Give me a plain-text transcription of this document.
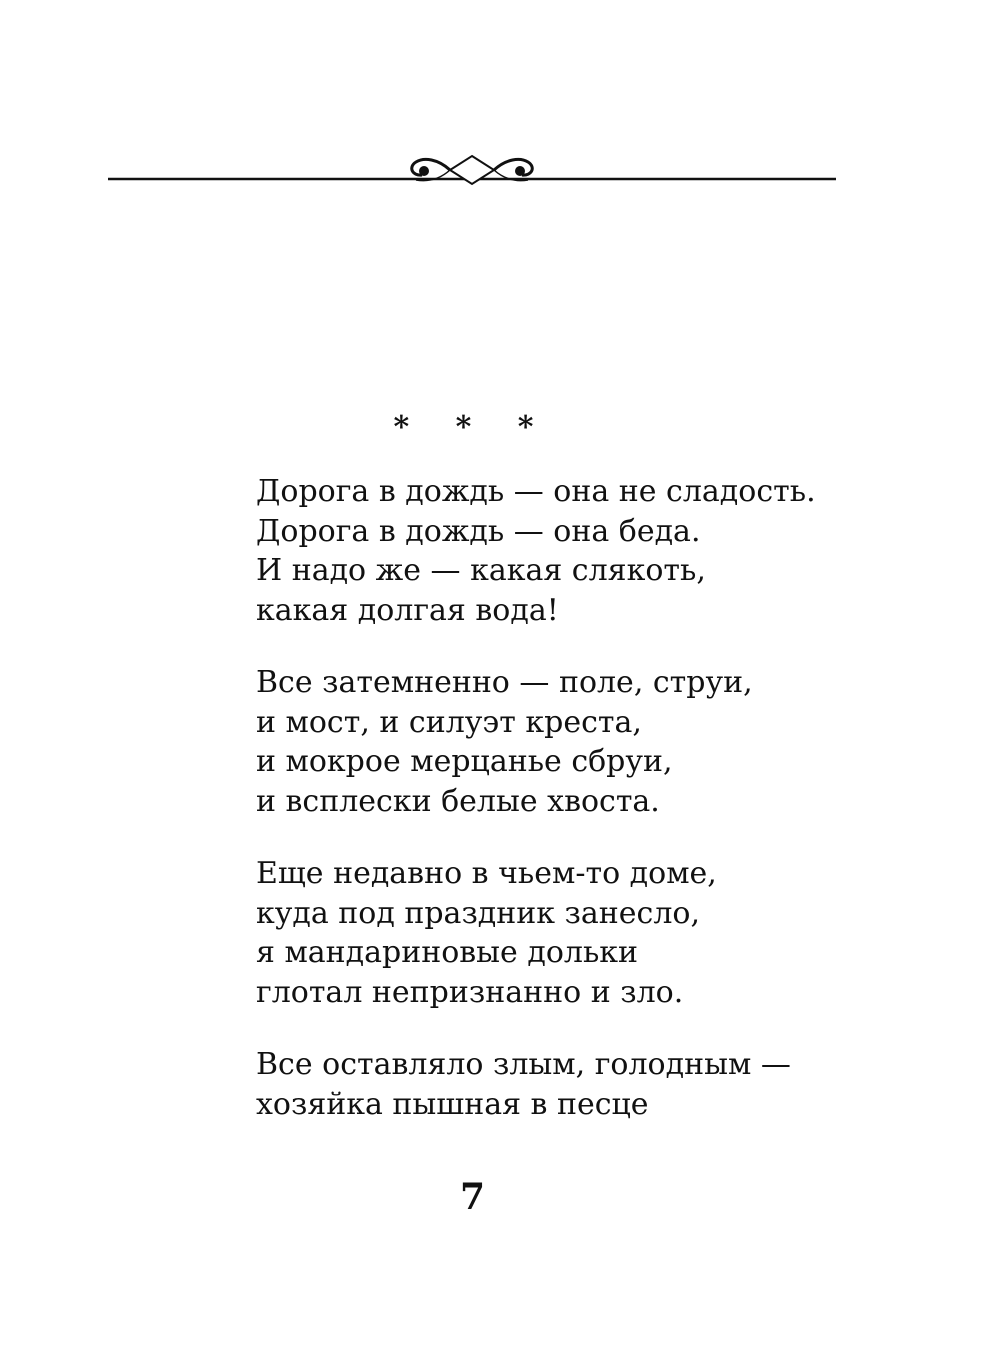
* * *
Дорога в дождь — она не сладость.
Дорога в дождь — она беда.
И надо же — какая слякоть,
какая долгая вода!
Все затемненно — поле, струи,
и мост, и силуэт креста,
и мокрое мерцанье сбруи,
и всплески белые хвоста.
Еще недавно в чьем-то доме,
куда под праздник занесло,
я мандариновые дольки
глотал непризнанно и зло.
Все оставляло злым, голодным —
хозяйка пышная в песце
7
